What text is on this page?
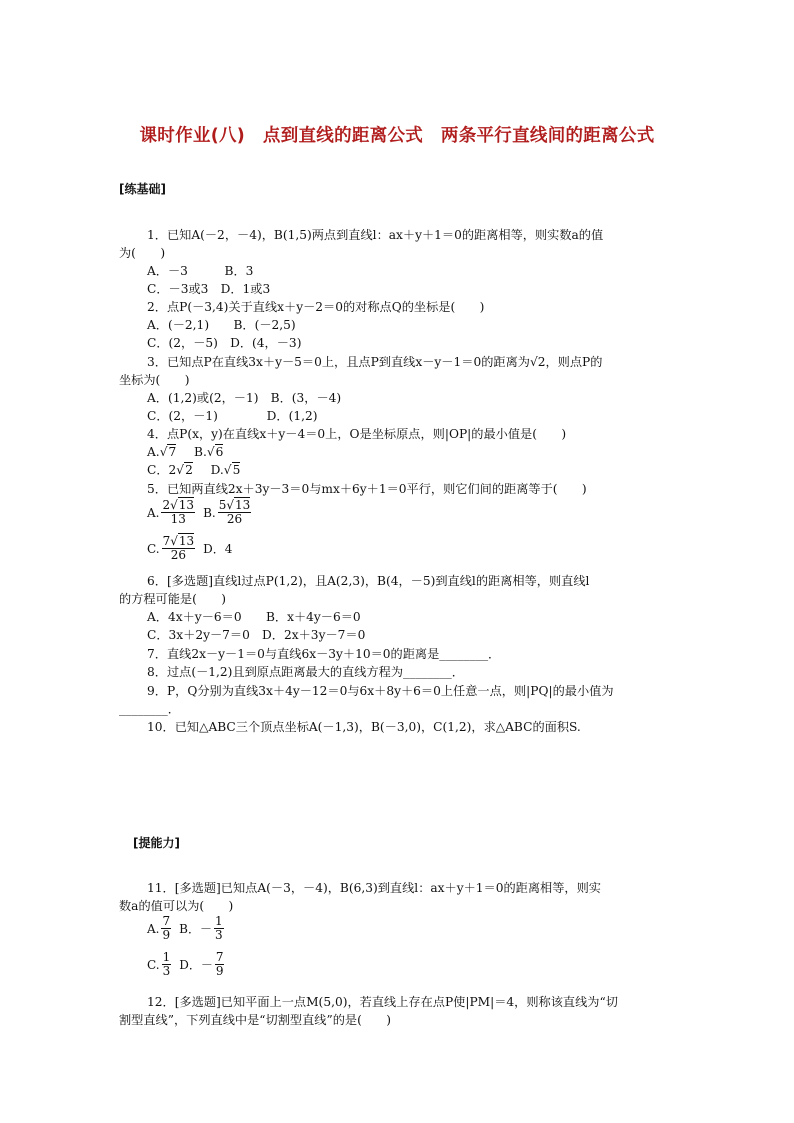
课时作业(八)　点到直线的距离公式　两条平行直线间的距离公式
[练基础]
1．已知A(－2，－4)，B(1,5)两点到直线l：ax＋y＋1＝0的距离相等，则实数a的值
为(　　)
A．－3　　　B．3
C．－3或3　D．1或3
2．点P(－3,4)关于直线x＋y－2＝0的对称点Q的坐标是(　　)
A．(－2,1)　　B．(－2,5)
C．(2，－5)　D．(4，－3)
3．已知点P在直线3x＋y－5＝0上，且点P到直线x－y－1＝0的距离为√2，则点P的
坐标为(　　)
A．(1,2)或(2，－1)　B．(3，－4)
C．(2，－1)　　　　D．(1,2)
4．点P(x，y)在直线x＋y－4＝0上，O是坐标原点，则|OP|的最小值是(　　)
A.√7 B.√6
C．2√2 D.√5
5．已知两直线2x＋3y－3＝0与mx＋6y＋1＝0平行，则它们间的距离等于(　　)
A. $\frac{2√13}{13} B$. $\frac{5√13}{26}$
C. $\frac{7√13}{26}$ D．4
6．[多选题]直线l过点P(1,2)，且A(2,3)，B(4，－5)到直线l的距离相等，则直线l
的方程可能是(　　)
A．4x＋y－6＝0　　B．x＋4y－6＝0
C．3x＋2y－7＝0　D．2x＋3y－7＝0
7．直线2x－y－1＝0与直线6x－3y＋10＝0的距离是________．
8．过点(－1,2)且到原点距离最大的直线方程为________．
9．P，Q分别为直线3x＋4y－12＝0与6x＋8y＋6＝0上任意一点，则|PQ|的最小值为
________．
10．已知△ABC三个顶点坐标A(－1,3)，B(－3,0)，C(1,2)，求△ABC的面积S.
[提能力]
11．[多选题]已知点A(－3，－4)，B(6,3)到直线l：ax＋y＋1＝0的距离相等，则实
数a的值可以为(　　)
A. $\frac{7}{9}$ B．－ $\frac{1}{3}$
C. $\frac{1}{3}$ D．－ $\frac{7}{9}$
12．[多选题]已知平面上一点M(5,0)，若直线上存在点P使|PM|＝4，则称该直线为“切
割型直线”，下列直线中是“切割型直线”的是(　　)
